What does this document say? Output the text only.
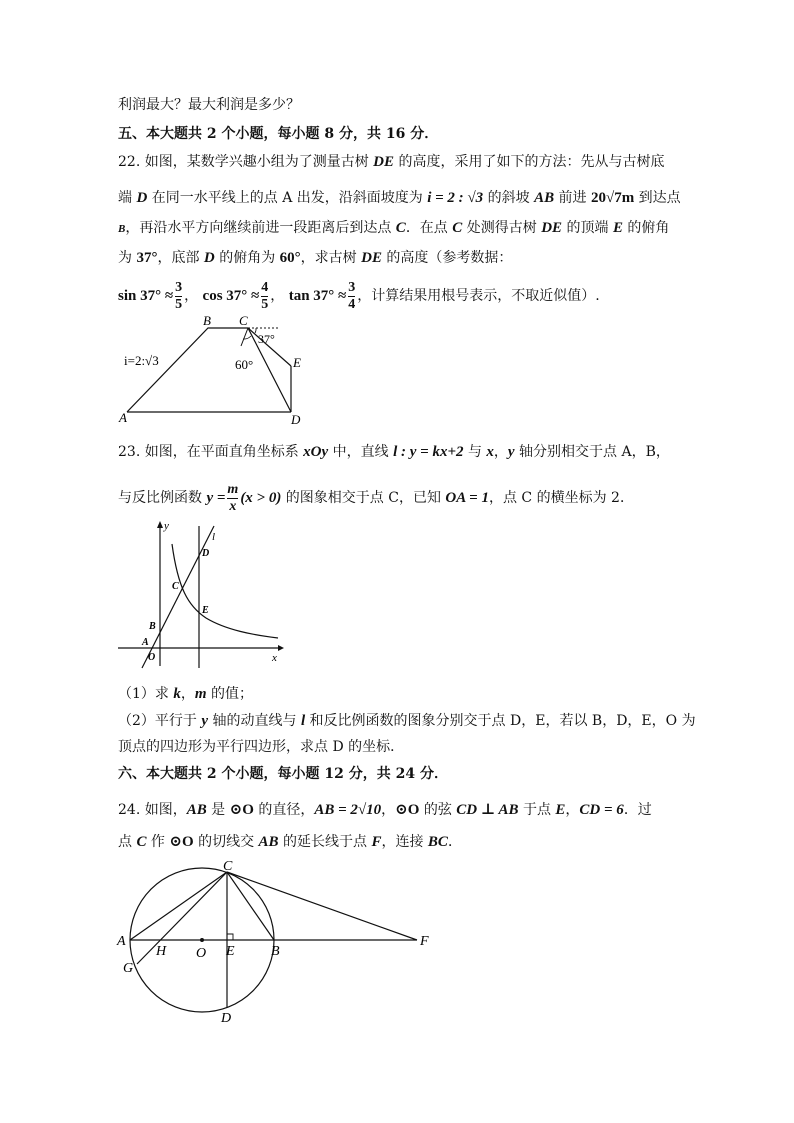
利润最大？最大利润是多少？
五、本大题共 2 个小题，每小题 8 分，共 16 分．
22. 如图，某数学兴趣小组为了测量古树 DE 的高度，采用了如下的方法：先从与古树底
端 D 在同一水平线上的点 A 出发，沿斜面坡度为 i = 2 : √3 的斜坡 AB 前进 20√7m 到达点
B，再沿水平方向继续前进一段距离后到达点 C．在点 C 处测得古树 DE 的顶端 E 的俯角
为 37°，底部 D 的俯角为 60°，求古树 DE 的高度（参考数据：
$\sin 37^\circ \approx \frac{3}{5}$ ， $\cos 37^\circ \approx \frac{4}{5}$ ， $\tan 37^\circ \approx \frac{3}{4}$ ，计算结果用根号表示，不取近似值）.
A
B C
D
E
i=2:√3	60°
37°
23. 如图，在平面直角坐标系 xOy 中，直线 l : y = kx+2 与 x，y 轴分别相交于点 A，B，
与反比例函数 $y = \frac{m}{x} (x > 0)$ 的图象相交于点 C，已知 OA = 1，点 C 的横坐标为 2．
y
x
l
O
A
B
C
D
E
（1）求 k，m 的值；
（2）平行于 y 轴的动直线与 l 和反比例函数的图象分别交于点 D，E，若以 B，D，E，O 为
顶点的四边形为平行四边形，求点 D 的坐标．
六、本大题共 2 个小题，每小题 12 分，共 24 分．
24. 如图，AB 是 ⊙O 的直径，AB = 2√10，⊙O 的弦 CD ⊥ AB 于点 E，CD = 6．过
点 C 作 ⊙O 的切线交 AB 的延长线于点 F，连接 BC．
A
B
C
D
E
F
G
H O
